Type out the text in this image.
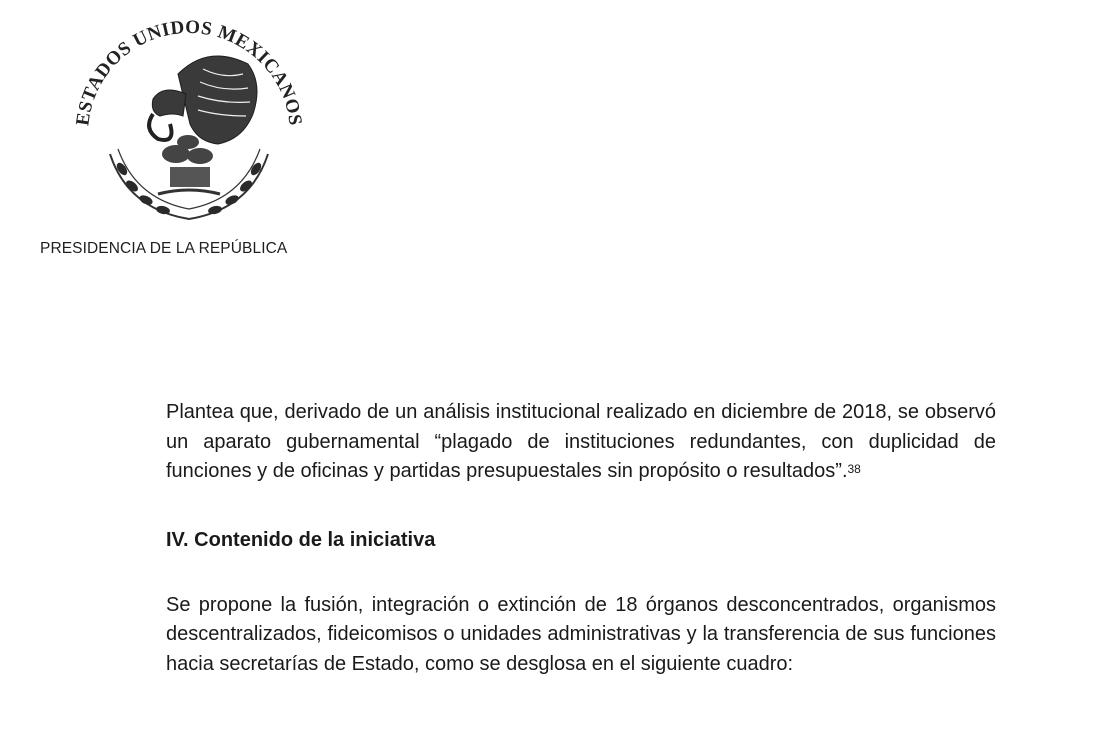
ESTADOS UNIDOS MEXICANOS
PRESIDENCIA DE LA REPÚBLICA

Plantea que, derivado de un análisis institucional realizado en diciembre de 2018, se observó un aparato gubernamental “plagado de instituciones redundantes, con duplicidad de funciones y de oficinas y partidas presupuestales sin propósito o resultados”.$^{38}$

IV. Contenido de la iniciativa

Se propone la fusión, integración o extinción de 18 órganos desconcentrados, organismos descentralizados, fideicomisos o unidades administrativas y la transferencia de sus funciones hacia secretarías de Estado, como se desglosa en el siguiente cuadro:
